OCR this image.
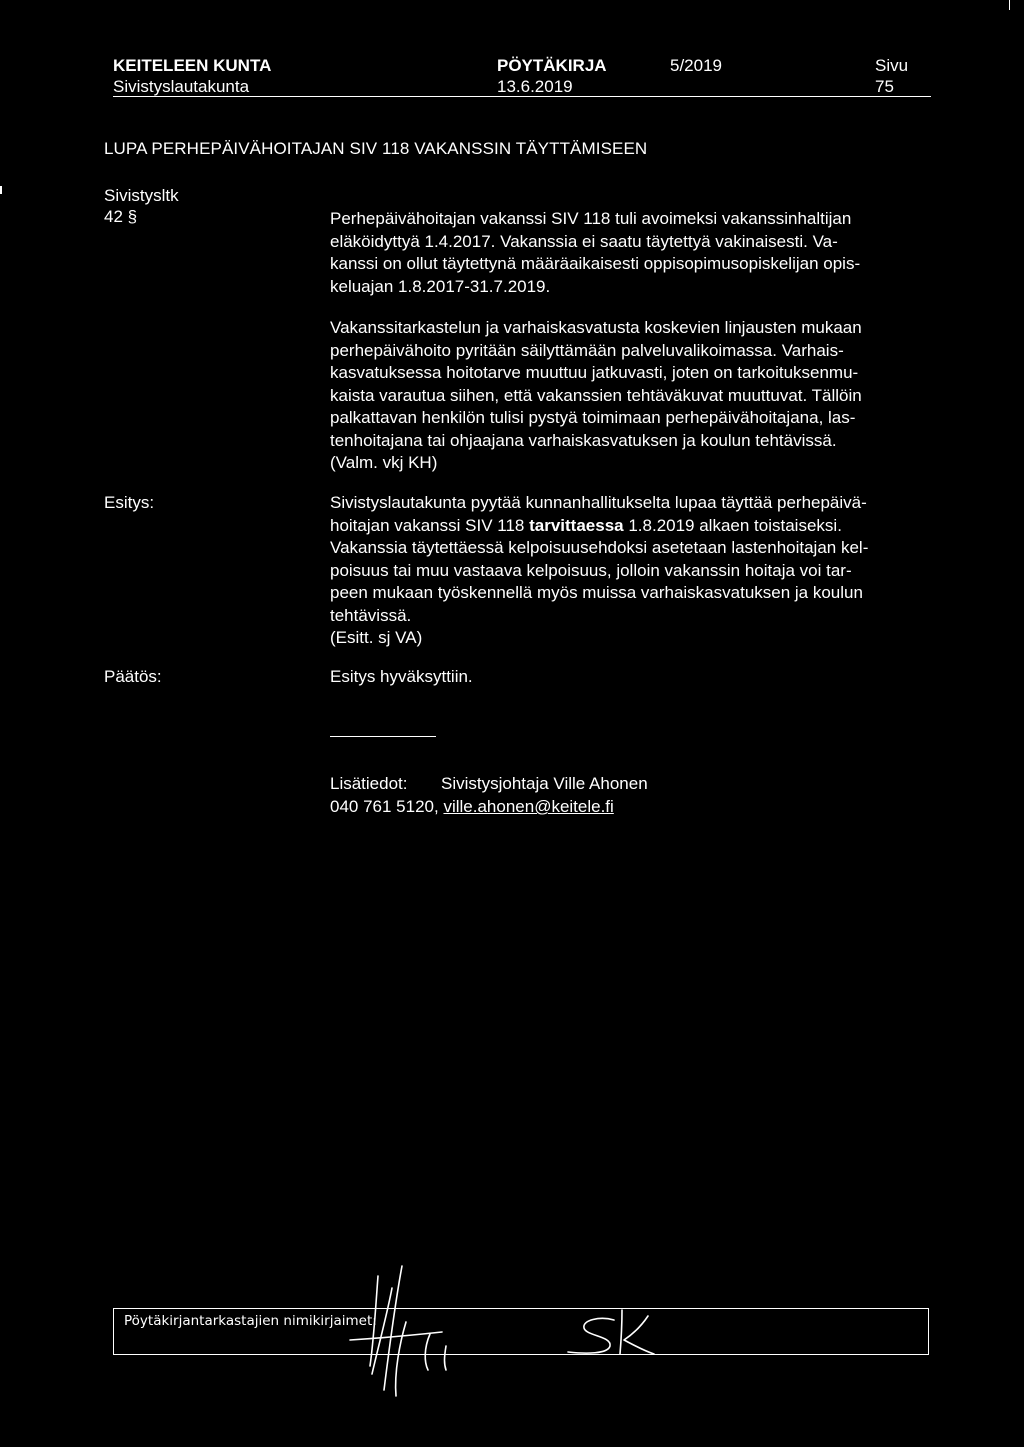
KEITELEEN KUNTA	PÖYTÄKIRJA	5/2019	Sivu
Sivistyslautakunta	13.6.2019	75
LUPA PERHEPÄIVÄHOITAJAN SIV 118 VAKANSSIN TÄYTTÄMISEEN
Sivistysltk
42 §	Perhepäivähoitajan vakanssi SIV 118 tuli avoimeksi vakanssinhaltijan
eläköidyttyä 1.4.2017. Vakanssia ei saatu täytettyä vakinaisesti. Va-
kanssi on ollut täytettynä määräaikaisesti oppisopimusopiskelijan opis-
keluajan 1.8.2017-31.7.2019.
Vakanssitarkastelun ja varhaiskasvatusta koskevien linjausten mukaan
perhepäivähoito pyritään säilyttämään palveluvalikoimassa. Varhais-
kasvatuksessa hoitotarve muuttuu jatkuvasti, joten on tarkoituksenmu-
kaista varautua siihen, että vakanssien tehtäväkuvat muuttuvat. Tällöin
palkattavan henkilön tulisi pystyä toimimaan perhepäivähoitajana, las-
tenhoitajana tai ohjaajana varhaiskasvatuksen ja koulun tehtävissä.
(Valm. vkj KH)
Esitys:	Sivistyslautakunta pyytää kunnanhallitukselta lupaa täyttää perhepäivä-
hoitajan vakanssi SIV 118 tarvittaessa 1.8.2019 alkaen toistaiseksi.
Vakanssia täytettäessä kelpoisuusehdoksi asetetaan lastenhoitajan kel-
poisuus tai muu vastaava kelpoisuus, jolloin vakanssin hoitaja voi tar-
peen mukaan työskennellä myös muissa varhaiskasvatuksen ja koulun
tehtävissä.
(Esitt. sj VA)
Päätös:	Esitys hyväksyttiin.
Lisätiedot: Sivistysjohtaja Ville Ahonen
040 761 5120, ville.ahonen@keitele.fi
Pöytäkirjantarkastajien nimikirjaimet:
